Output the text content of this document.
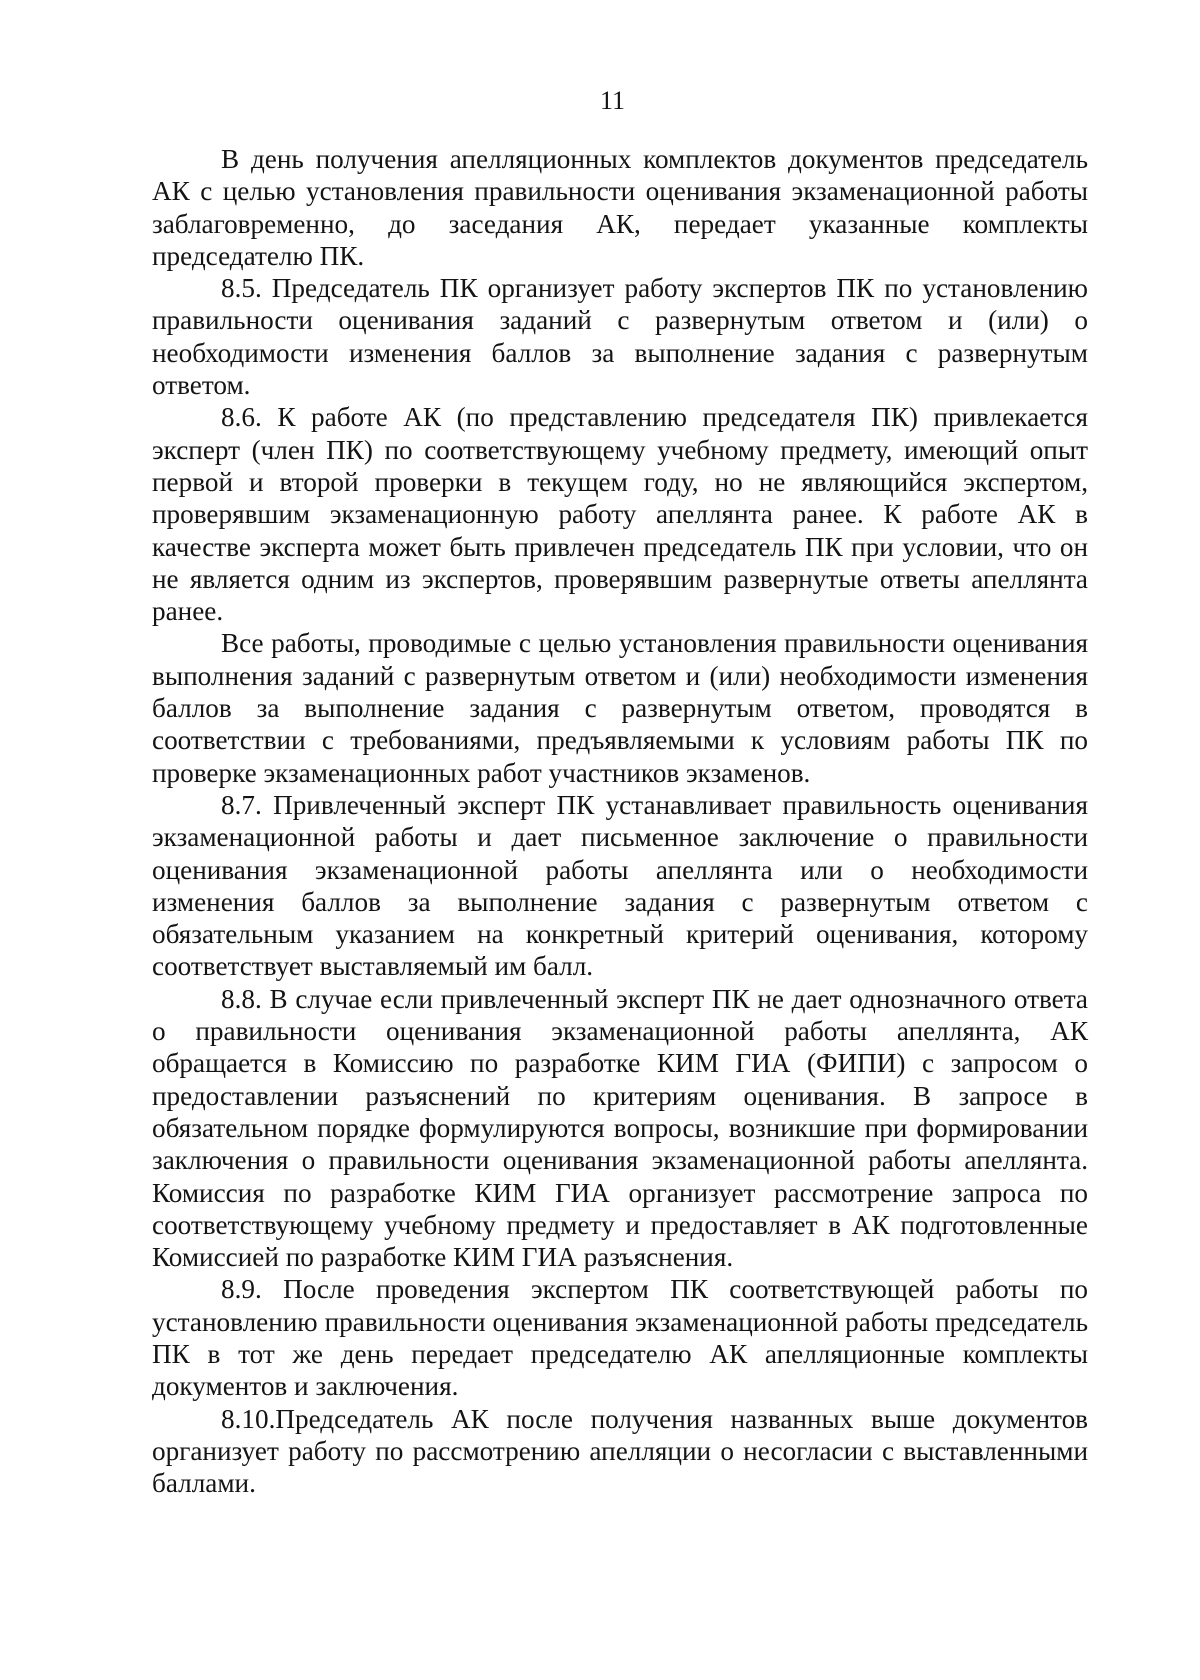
11

В день получения апелляционных комплектов документов председатель АК с целью установления правильности оценивания экзаменационной работы заблаговременно, до заседания АК, передает указанные комплекты председателю ПК.

8.5. Председатель ПК организует работу экспертов ПК по установлению правильности оценивания заданий с развернутым ответом и (или) о необходимости изменения баллов за выполнение задания с развернутым ответом.

8.6. К работе АК (по представлению председателя ПК) привлекается эксперт (член ПК) по соответствующему учебному предмету, имеющий опыт первой и второй проверки в текущем году, но не являющийся экспертом, проверявшим экзаменационную работу апеллянта ранее. К работе АК в качестве эксперта может быть привлечен председатель ПК при условии, что он не является одним из экспертов, проверявшим развернутые ответы апеллянта ранее.

Все работы, проводимые с целью установления правильности оценивания выполнения заданий с развернутым ответом и (или) необходимости изменения баллов за выполнение задания с развернутым ответом, проводятся в соответствии с требованиями, предъявляемыми к условиям работы ПК по проверке экзаменационных работ участников экзаменов.

8.7. Привлеченный эксперт ПК устанавливает правильность оценивания экзаменационной работы и дает письменное заключение о правильности оценивания экзаменационной работы апеллянта или о необходимости изменения баллов за выполнение задания с развернутым ответом с обязательным указанием на конкретный критерий оценивания, которому соответствует выставляемый им балл.

8.8. В случае если привлеченный эксперт ПК не дает однозначного ответа о правильности оценивания экзаменационной работы апеллянта, АК обращается в Комиссию по разработке КИМ ГИА (ФИПИ) с запросом о предоставлении разъяснений по критериям оценивания. В запросе в обязательном порядке формулируются вопросы, возникшие при формировании заключения о правильности оценивания экзаменационной работы апеллянта. Комиссия по разработке КИМ ГИА организует рассмотрение запроса по соответствующему учебному предмету и предоставляет в АК подготовленные Комиссией по разработке КИМ ГИА разъяснения.

8.9. После проведения экспертом ПК соответствующей работы по установлению правильности оценивания экзаменационной работы председатель ПК в тот же день передает председателю АК апелляционные комплекты документов и заключения.

8.10.Председатель АК после получения названных выше документов организует работу по рассмотрению апелляции о несогласии с выставленными баллами.
